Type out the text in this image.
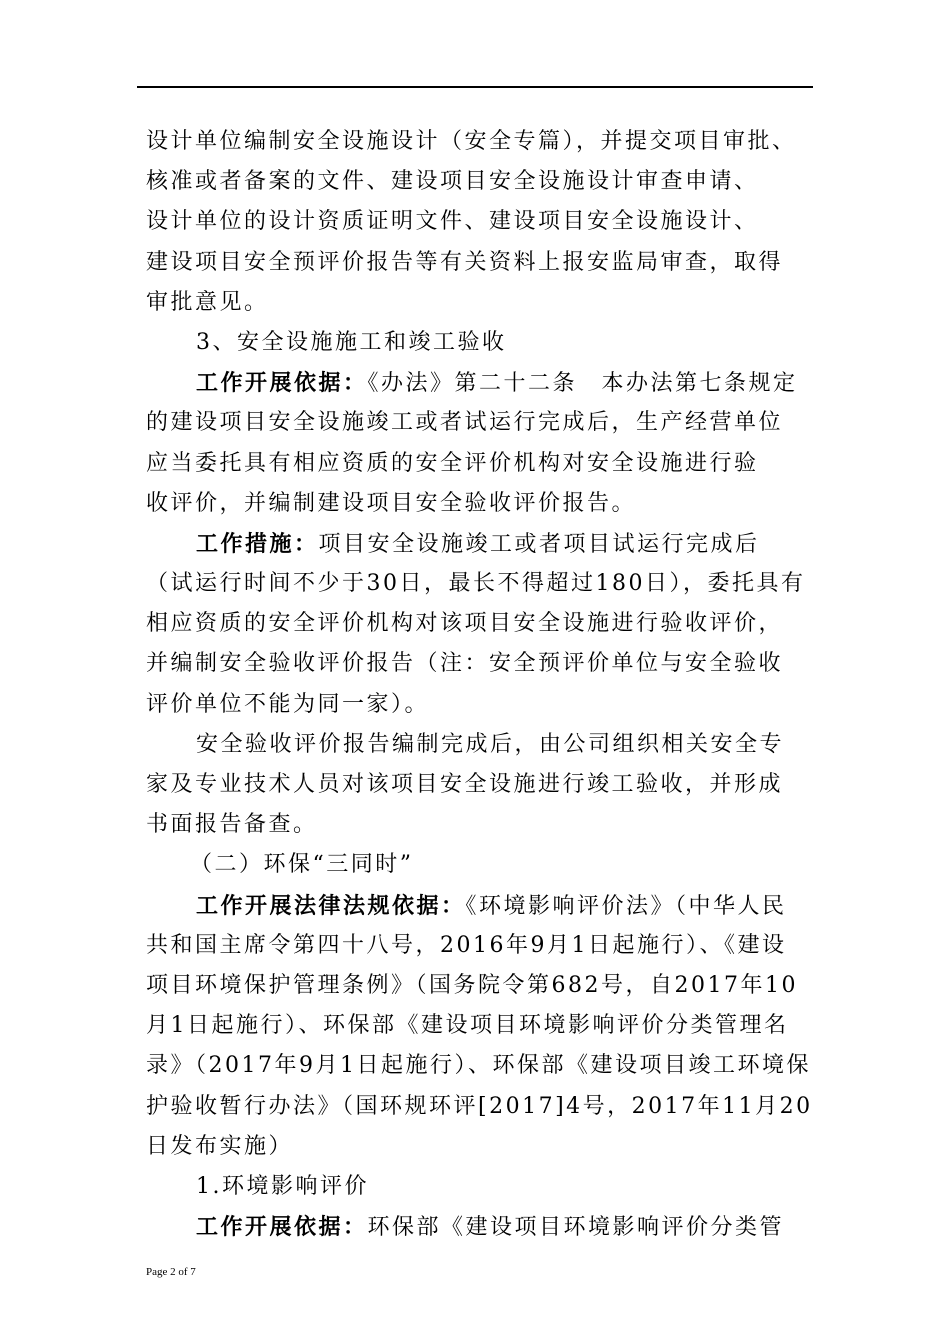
设计单位编制安全设施设计（安全专篇），并提交项目审批、
核准或者备案的文件、建设项目安全设施设计审查申请、
设计单位的设计资质证明文件、建设项目安全设施设计、
建设项目安全预评价报告等有关资料上报安监局审查，取得
审批意见。
3、安全设施施工和竣工验收
工作开展依据：《办法》第二十二条　本办法第七条规定
的建设项目安全设施竣工或者试运行完成后，生产经营单位
应当委托具有相应资质的安全评价机构对安全设施进行验
收评价，并编制建设项目安全验收评价报告。
工作措施：项目安全设施竣工或者项目试运行完成后
（试运行时间不少于30日，最长不得超过180日），委托具有
相应资质的安全评价机构对该项目安全设施进行验收评价，
并编制安全验收评价报告（注：安全预评价单位与安全验收
评价单位不能为同一家）。
安全验收评价报告编制完成后，由公司组织相关安全专
家及专业技术人员对该项目安全设施进行竣工验收，并形成
书面报告备查。
（二）环保“三同时”
工作开展法律法规依据：《环境影响评价法》（中华人民
共和国主席令第四十八号，2016年9月1日起施行）、《建设
项目环境保护管理条例》（国务院令第682号，自2017年10
月1日起施行）、环保部《建设项目环境影响评价分类管理名
录》（2017年9月1日起施行）、环保部《建设项目竣工环境保
护验收暂行办法》（国环规环评[2017]4号，2017年11月20
日发布实施）
1.环境影响评价
工作开展依据：环保部《建设项目环境影响评价分类管
Page 2 of 7
